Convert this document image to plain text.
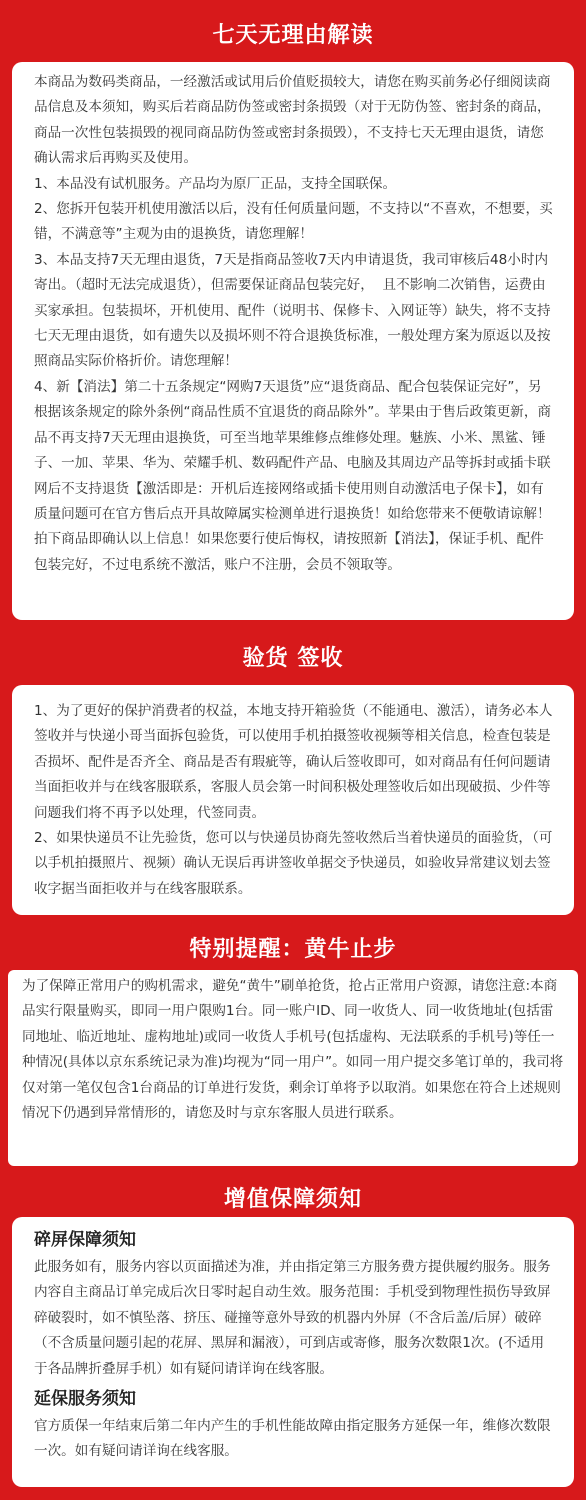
七天无理由解读

本商品为数码类商品，一经激活或试用后价值贬损较大，请您在购买前务必仔细阅读商品信息及本须知，购买后若商品防伪签或密封条损毁（对于无防伪签、密封条的商品，商品一次性包装损毁的视同商品防伪签或密封条损毁），不支持七天无理由退货，请您确认需求后再购买及使用。

1、本品没有试机服务。产品均为原厂正品，支持全国联保。

2、您拆开包装开机使用激活以后，没有任何质量问题，不支持以“不喜欢，不想要，买错，不满意等”主观为由的退换货，请您理解！

3、本品支持7天无理由退货，7天是指商品签收7天内申请退货，我司审核后48小时内寄出。（超时无法完成退货），但需要保证商品包装完好，  且不影响二次销售，运费由买家承担。包装损坏，开机使用、配件（说明书、保修卡、入网证等）缺失，将不支持七天无理由退货，如有遗失以及损坏则不符合退换货标准，一般处理方案为原返以及按照商品实际价格折价。请您理解！

4、新【消法】第二十五条规定“网购7天退货”应“退货商品、配合包装保证完好”，另根据该条规定的除外条例“商品性质不宜退货的商品除外”。苹果由于售后政策更新，商品不再支持7天无理由退换货，可至当地苹果维修点维修处理。魅族、小米、黑鲨、锤子、一加、苹果、华为、荣耀手机、数码配件产品、电脑及其周边产品等拆封或插卡联网后不支持退货【激活即是：开机后连接网络或插卡使用则自动激活电子保卡】，如有质量问题可在官方售后点开具故障属实检测单进行退换货！如给您带来不便敬请谅解！拍下商品即确认以上信息！如果您要行使后悔权，请按照新【消法】，保证手机、配件包装完好，不过电系统不激活，账户不注册，会员不领取等。

验货 签收

1、为了更好的保护消费者的权益，本地支持开箱验货（不能通电、激活），请务必本人签收并与快递小哥当面拆包验货，可以使用手机拍摄签收视频等相关信息，检查包装是否损坏、配件是否齐全、商品是否有瑕疵等，确认后签收即可，如对商品有任何问题请当面拒收并与在线客服联系，客服人员会第一时间积极处理签收后如出现破损、少件等问题我们将不再予以处理，代签同责。

2、如果快递员不让先验货，您可以与快递员协商先签收然后当着快递员的面验货，（可以手机拍摄照片、视频）确认无误后再讲签收单据交予快递员，如验收异常建议划去签收字据当面拒收并与在线客服联系。

特别提醒：黄牛止步

为了保障正常用户的购机需求，避免“黄牛”刷单抢货，抢占正常用户资源，请您注意:本商品实行限量购买，即同一用户限购1台。同一账户ID、同一收货人、同一收货地址(包括雷同地址、临近地址、虚构地址)或同一收货人手机号(包括虚构、无法联系的手机号)等任一种情况(具体以京东系统记录为准)均视为“同一用户”。如同一用户提交多笔订单的，我司将仅对第一笔仅包含1台商品的订单进行发货，剩余订单将予以取消。如果您在符合上述规则情况下仍遇到异常情形的，请您及时与京东客服人员进行联系。

增值保障须知
碎屏保障须知

此服务如有，服务内容以页面描述为准，并由指定第三方服务费方提供履约服务。服务内容自主商品订单完成后次日零时起自动生效。服务范围：手机受到物理性损伤导致屏碎破裂时，如不慎坠落、挤压、碰撞等意外导致的机器内外屏（不含后盖/后屏）破碎（不含质量问题引起的花屏、黑屏和漏液），可到店或寄修，服务次数限1次。(不适用于各品牌折叠屏手机）如有疑问请详询在线客服。

延保服务须知

官方质保一年结束后第二年内产生的手机性能故障由指定服务方延保一年，维修次数限一次。如有疑问请详询在线客服。
